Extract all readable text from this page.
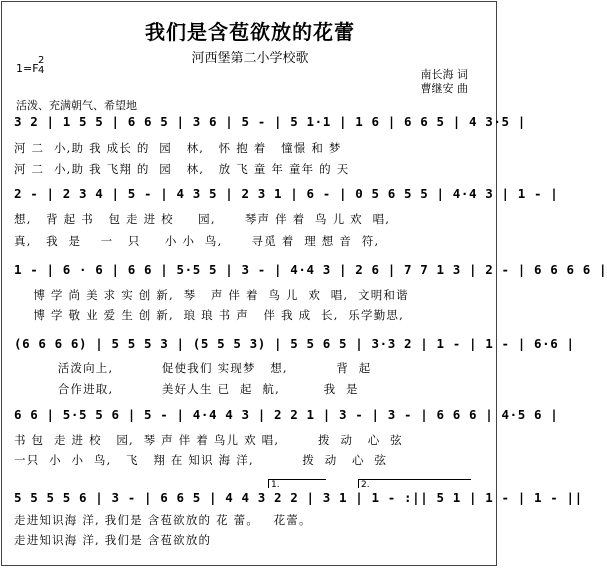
我们是含苞欲放的花蕾
河西堡第二小学校歌
1=F
2
4	南长海 词
曹继安 曲
活泼、充满朝气、希望地
3 2 | 1 5 5 | 6 6 5 | 3 6 | 5 - | 5 1·1 | 1 6 | 6 6 5 | 4 3·5 |
河 二  小,助 我 成长 的  园   林,   怀 抱 着   憧憬 和 梦
河 二  小,助 我 飞翔 的  园   林,   放 飞 童 年 童年 的 天
2 - | 2 3 4 | 5 - | 4 3 5 | 2 3 1 | 6 - | 0 5 6 5 5 | 4·4 3 | 1 - |
想,   背 起 书   包 走 进 校     园,      琴声 伴 着  鸟 儿 欢  唱,
真,   我  是    一   只     小 小  鸟,      寻觅 着  理 想 音  符,
1 - | 6 · 6 | 6 6 | 5·5 5 | 3 - | 4·4 3 | 2 6 | 7 7 1 3 | 2 - | 6 6 6 6 |
博 学 尚 美 求 实 创 新,  琴   声 伴 着  鸟 儿  欢  唱,  文明和谐
博 学 敬 业 爱 生 创 新,  琅 琅 书 声   伴 我 成  长,  乐学勤思,
(6 6 6 6) | 5 5 5 3 | (5 5 5 3) | 5 5 6 5 | 3·3 2 | 1 - | 1 - | 6·6 |
活泼向上,          促使我们 实现梦   想,          背  起
合作进取,          美好人生 已  起  航,         我  是
6 6 | 5·5 5 6 | 5 - | 4·4 4 3 | 2 2 1 | 3 - | 3 - | 6 6 6 | 4·5 6 |
书 包  走 进 校   园,  琴 声 伴 着 鸟儿 欢 唱,        拨  动   心  弦
一只  小  小  鸟,   飞   翔 在 知识 海 洋,          拨  动   心  弦
1.	2.
5 5 5 5 6 | 3 - | 6 6 5 | 4 4 3 2 2 | 3 1 | 1 - :|| 5 1 | 1 - | 1 - ||
走进知识海 洋, 我们是 含苞欲放的 花 蕾。   花蕾。
走进知识海 洋, 我们是 含苞欲放的
